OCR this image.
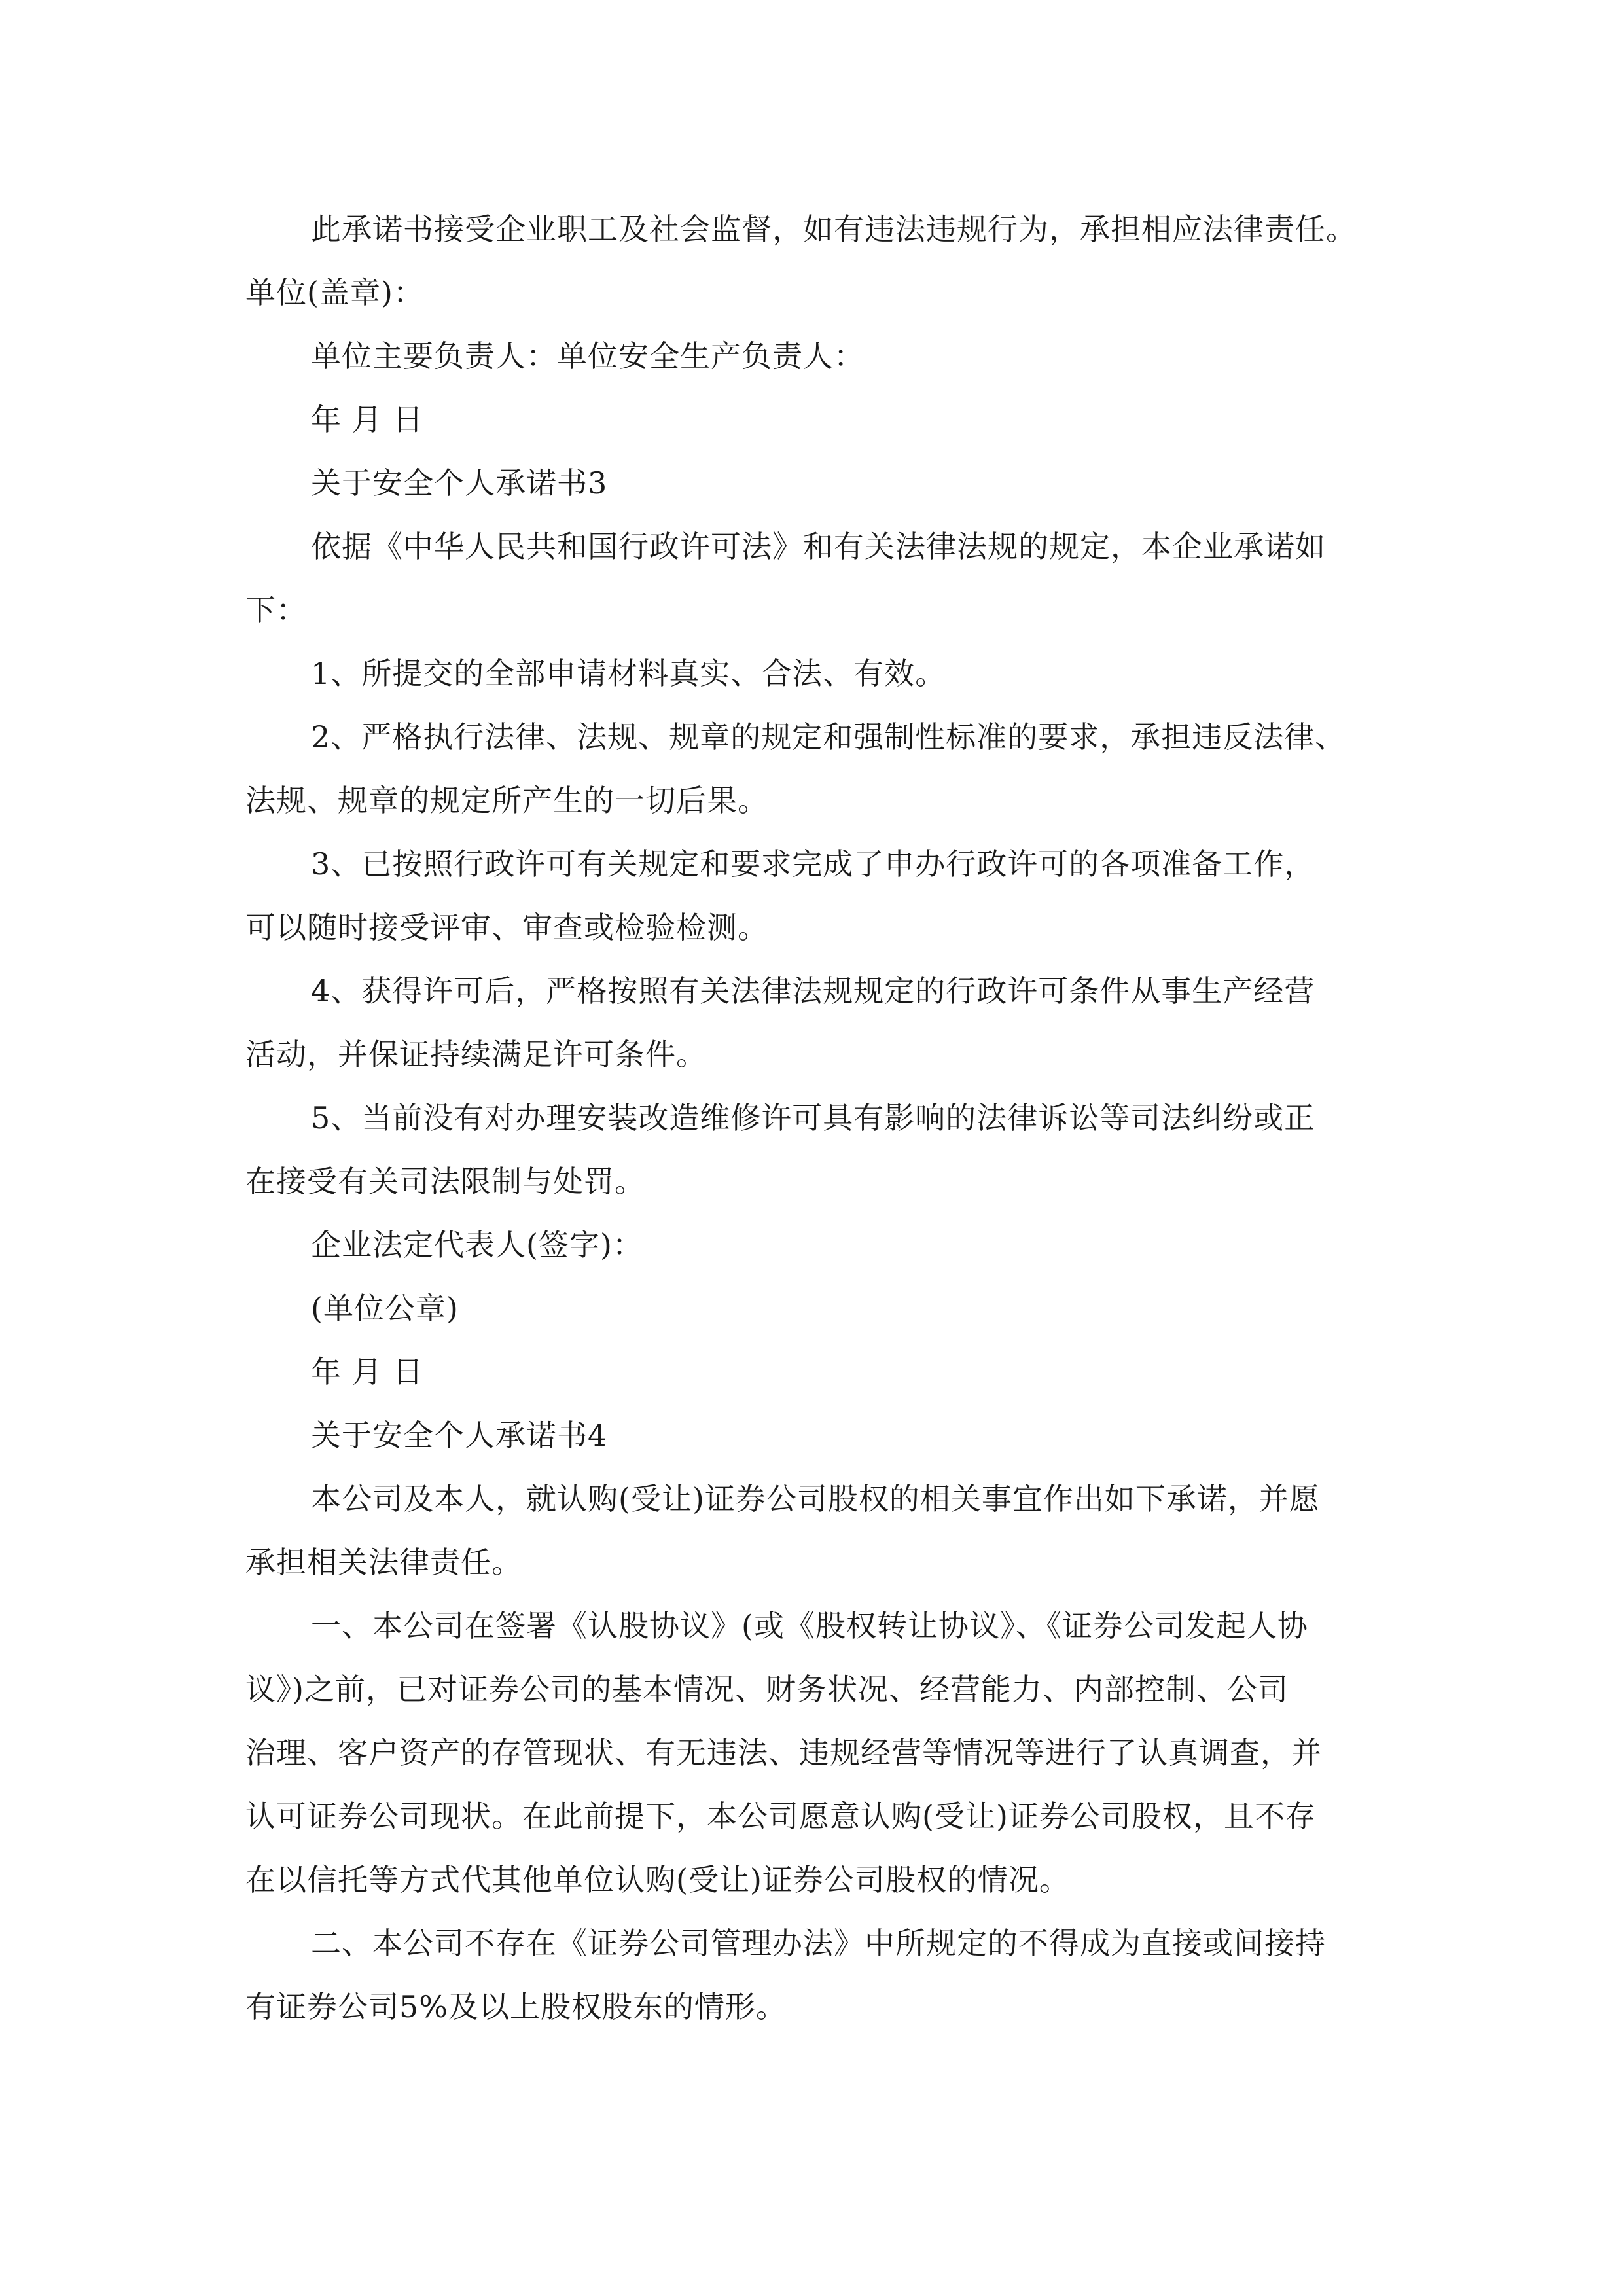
此承诺书接受企业职工及社会监督，如有违法违规行为，承担相应法律责任。
单位(盖章)：
单位主要负责人：单位安全生产负责人：
年 月 日
关于安全个人承诺书3
依据《中华人民共和国行政许可法》和有关法律法规的规定，本企业承诺如
下：
1、所提交的全部申请材料真实、合法、有效。
2、严格执行法律、法规、规章的规定和强制性标准的要求，承担违反法律、
法规、规章的规定所产生的一切后果。
3、已按照行政许可有关规定和要求完成了申办行政许可的各项准备工作，
可以随时接受评审、审查或检验检测。
4、获得许可后，严格按照有关法律法规规定的行政许可条件从事生产经营
活动，并保证持续满足许可条件。
5、当前没有对办理安装改造维修许可具有影响的法律诉讼等司法纠纷或正
在接受有关司法限制与处罚。
企业法定代表人(签字)：
(单位公章)
年 月 日
关于安全个人承诺书4
本公司及本人，就认购(受让)证券公司股权的相关事宜作出如下承诺，并愿
承担相关法律责任。
一、本公司在签署《认股协议》(或《股权转让协议》、《证券公司发起人协
议》)之前，已对证券公司的基本情况、财务状况、经营能力、内部控制、公司
治理、客户资产的存管现状、有无违法、违规经营等情况等进行了认真调查，并
认可证券公司现状。在此前提下，本公司愿意认购(受让)证券公司股权，且不存
在以信托等方式代其他单位认购(受让)证券公司股权的情况。
二、本公司不存在《证券公司管理办法》中所规定的不得成为直接或间接持
有证券公司5%及以上股权股东的情形。
